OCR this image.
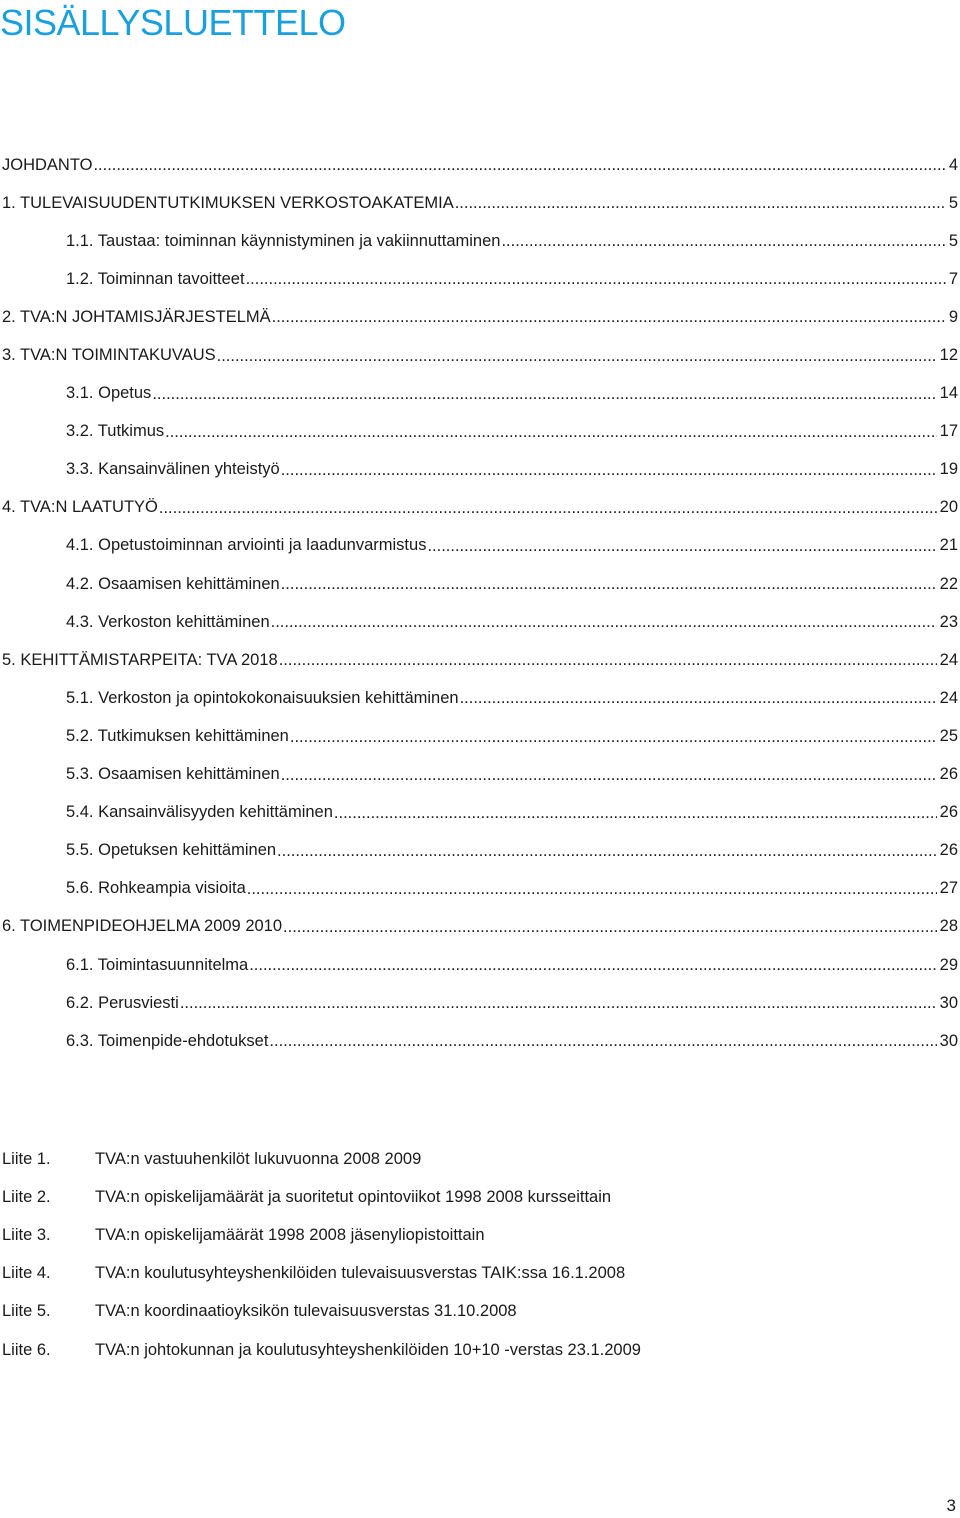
SISÄLLYSLUETTELO
JOHDANTO .....	4
1. TULEVAISUUDENTUTKIMUKSEN VERKOSTOAKATEMIA .....	5
1.1. Taustaa: toiminnan käynnistyminen ja vakiinnuttaminen .....	5
1.2. Toiminnan tavoitteet .....	7
2. TVA:N JOHTAMISJÄRJESTELMÄ .....	9
3. TVA:N TOIMINTAKUVAUS .....	12
3.1. Opetus .....	14
3.2. Tutkimus .....	17
3.3. Kansainvälinen yhteistyö .....	19
4. TVA:N LAATUTYÖ .....	20
4.1. Opetustoiminnan arviointi ja laadunvarmistus .....	21
4.2. Osaamisen kehittäminen .....	22
4.3. Verkoston kehittäminen .....	23
5. KEHITTÄMISTARPEITA: TVA 2018 .....	24
5.1. Verkoston ja opintokokonaisuuksien kehittäminen .....	24
5.2. Tutkimuksen kehittäminen .....	25
5.3. Osaamisen kehittäminen .....	26
5.4. Kansainvälisyyden kehittäminen .....	26
5.5. Opetuksen kehittäminen .....	26
5.6. Rohkeampia visioita .....	27
6. TOIMENPIDEOHJELMA 2009 2010 .....	28
6.1. Toimintasuunnitelma .....	29
6.2. Perusviesti .....	30
6.3. Toimenpide-ehdotukset .....	30
Liite 1.	TVA:n vastuuhenkilöt lukuvuonna 2008 2009
Liite 2.	TVA:n opiskelijamäärät ja suoritetut opintoviikot 1998 2008 kursseittain
Liite 3.	TVA:n opiskelijamäärät 1998 2008 jäsenyliopistoittain
Liite 4.	TVA:n koulutusyhteyshenkilöiden tulevaisuusverstas TAIK:ssa 16.1.2008
Liite 5.	TVA:n koordinaatioyksikön tulevaisuusverstas 31.10.2008
Liite 6.	TVA:n johtokunnan ja koulutusyhteyshenkilöiden 10+10 -verstas 23.1.2009
3
